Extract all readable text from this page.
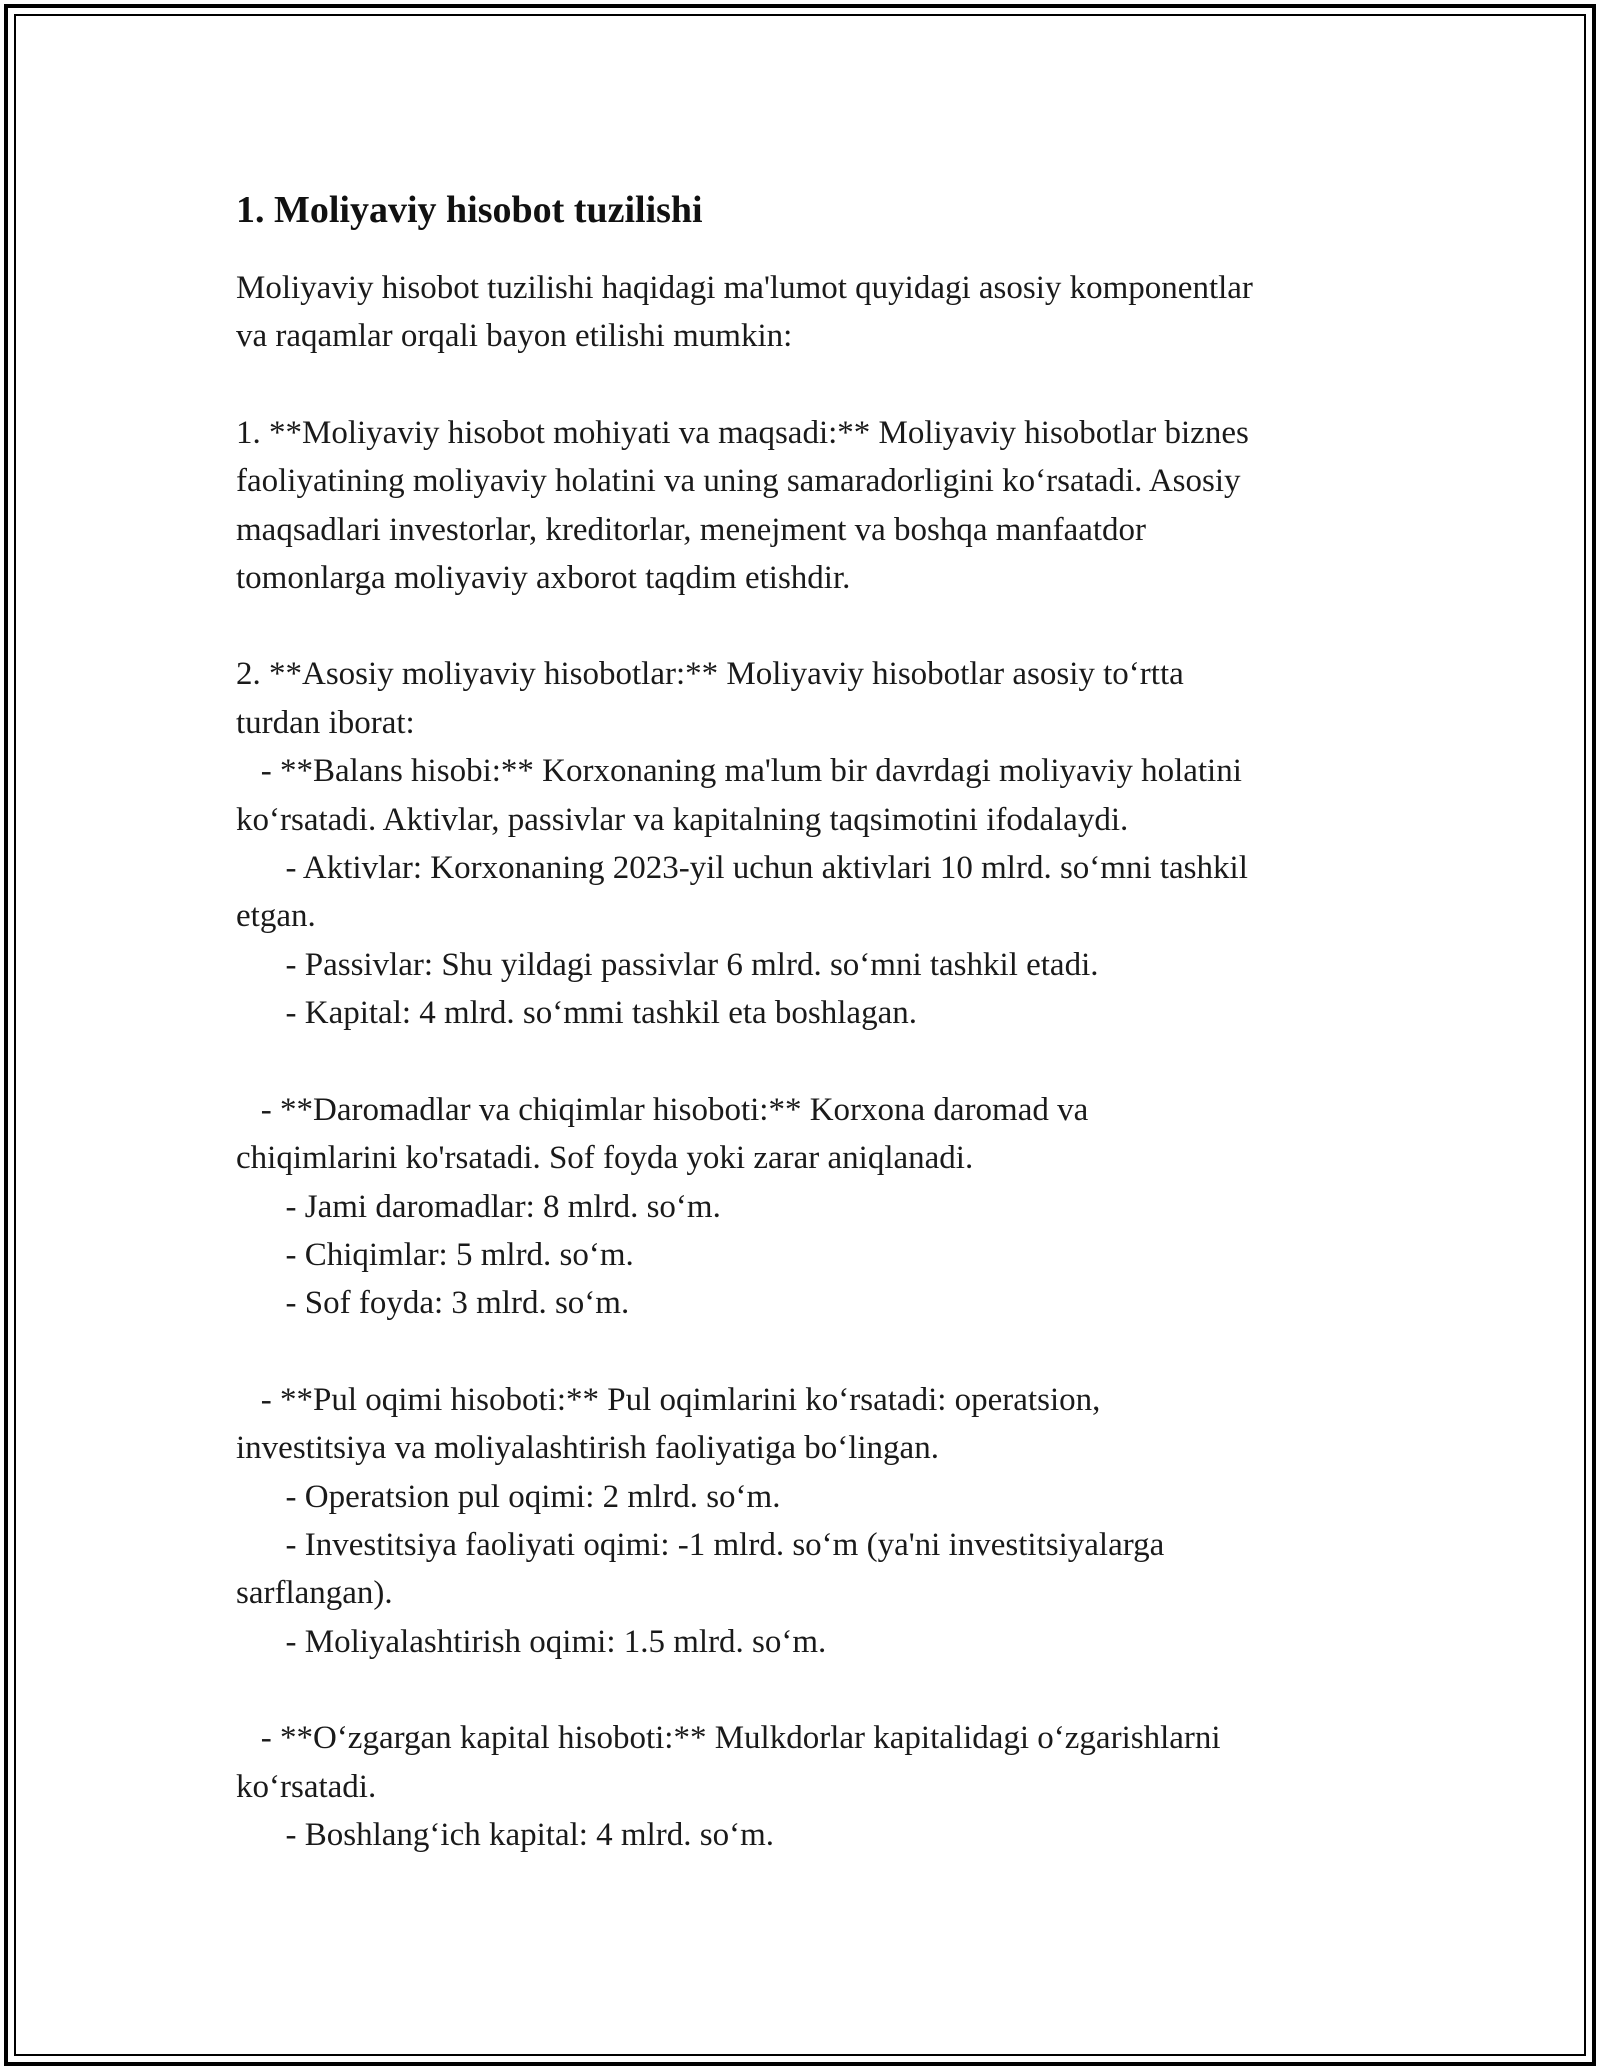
1. Moliyaviy hisobot tuzilishi

Moliyaviy hisobot tuzilishi haqidagi ma'lumot quyidagi asosiy komponentlar
va raqamlar orqali bayon etilishi mumkin:

1. **Moliyaviy hisobot mohiyati va maqsadi:** Moliyaviy hisobotlar biznes
faoliyatining moliyaviy holatini va uning samaradorligini ko‘rsatadi. Asosiy
maqsadlari investorlar, kreditorlar, menejment va boshqa manfaatdor
tomonlarga moliyaviy axborot taqdim etishdir.

2. **Asosiy moliyaviy hisobotlar:** Moliyaviy hisobotlar asosiy to‘rtta
turdan iborat:
- **Balans hisobi:** Korxonaning ma'lum bir davrdagi moliyaviy holatini
ko‘rsatadi. Aktivlar, passivlar va kapitalning taqsimotini ifodalaydi.
- Aktivlar: Korxonaning 2023-yil uchun aktivlari 10 mlrd. so‘mni tashkil
etgan.
- Passivlar: Shu yildagi passivlar 6 mlrd. so‘mni tashkil etadi.
- Kapital: 4 mlrd. so‘mmi tashkil eta boshlagan.

- **Daromadlar va chiqimlar hisoboti:** Korxona daromad va
chiqimlarini ko'rsatadi. Sof foyda yoki zarar aniqlanadi.
- Jami daromadlar: 8 mlrd. so‘m.
- Chiqimlar: 5 mlrd. so‘m.
- Sof foyda: 3 mlrd. so‘m.

- **Pul oqimi hisoboti:** Pul oqimlarini ko‘rsatadi: operatsion,
investitsiya va moliyalashtirish faoliyatiga bo‘lingan.
- Operatsion pul oqimi: 2 mlrd. so‘m.
- Investitsiya faoliyati oqimi: -1 mlrd. so‘m (ya'ni investitsiyalarga
sarflangan).
- Moliyalashtirish oqimi: 1.5 mlrd. so‘m.

- **O‘zgargan kapital hisoboti:** Mulkdorlar kapitalidagi o‘zgarishlarni
ko‘rsatadi.
- Boshlang‘ich kapital: 4 mlrd. so‘m.
